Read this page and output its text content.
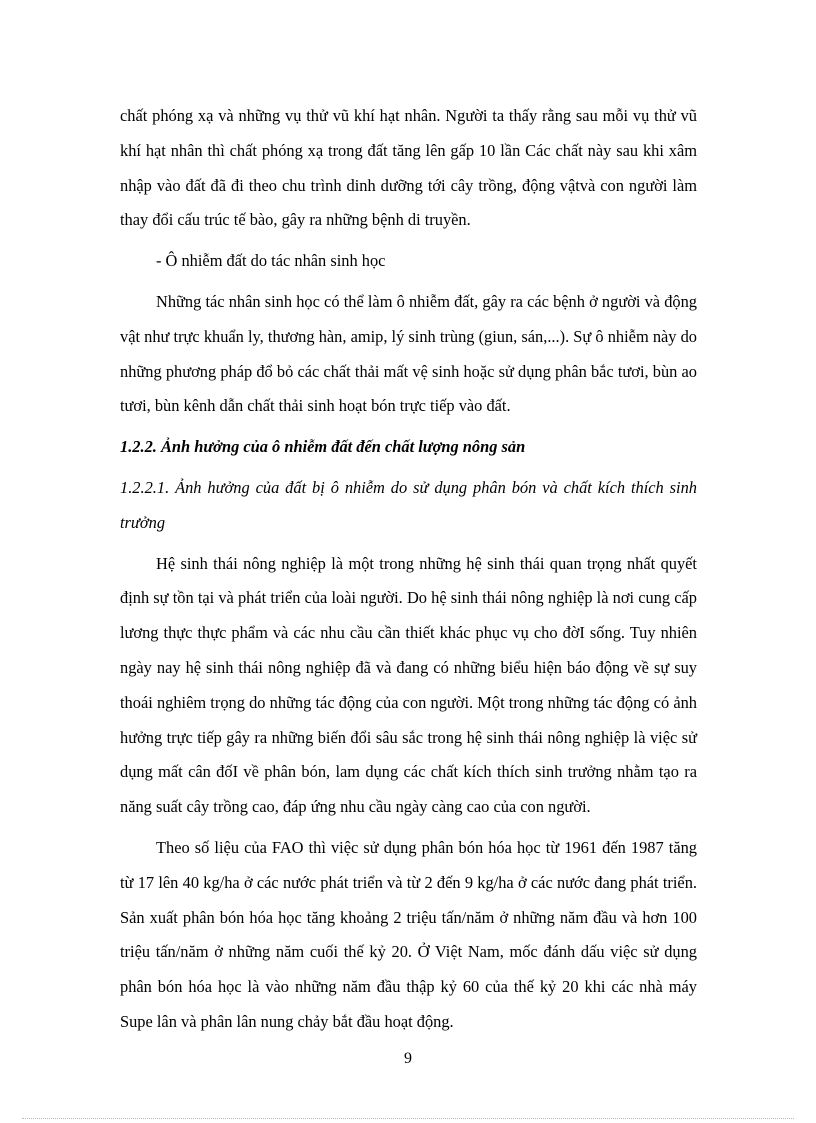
chất phóng xạ và những vụ thử vũ khí hạt nhân. Người ta thấy rằng sau mỗi vụ thử vũ khí hạt nhân thì chất phóng xạ trong đất tăng lên gấp 10 lần Các chất này sau khi xâm nhập vào đất đã đi theo chu trình dinh dưỡng tới cây trồng, động vậtvà con người làm thay đổi cấu trúc tế bào, gây ra những bệnh di truyền.

- Ô nhiễm đất do tác nhân sinh học

Những tác nhân sinh học có thể làm ô nhiễm đất, gây ra các bệnh ở người và động vật như trực khuẩn ly, thương hàn, amip, lý sinh trùng (giun, sán,...). Sự ô nhiễm này do những phương pháp đổ bỏ các chất thải mất vệ sinh hoặc sử dụng phân bắc tươi, bùn ao tươi, bùn kênh dẫn chất thải sinh hoạt bón trực tiếp vào đất.

1.2.2. Ảnh hưởng của ô nhiễm đất đến chất lượng nông sản

1.2.2.1. Ảnh hưởng của đất bị ô nhiễm do sử dụng phân bón và chất kích thích sinh trưởng

Hệ sinh thái nông nghiệp là một trong những hệ sinh thái quan trọng nhất quyết định sự tồn tại và phát triển của loài người. Do hệ sinh thái nông nghiệp là nơi cung cấp lương thực thực phẩm và các nhu cầu cần thiết khác phục vụ cho đờI sống. Tuy nhiên ngày nay hệ sinh thái nông nghiệp đã và đang có những biểu hiện báo động về sự suy thoái nghiêm trọng do những tác động của con người. Một trong những tác động có ảnh hưởng trực tiếp gây ra những biến đổi sâu sắc trong hệ sinh thái nông nghiệp là việc sử dụng mất cân đốI về phân bón, lam dụng các chất kích thích sinh trưởng nhằm tạo ra năng suất cây trồng cao, đáp ứng nhu cầu ngày càng cao của con người.

Theo số liệu của FAO thì việc sử dụng phân bón hóa học từ 1961 đến 1987 tăng từ 17 lên 40 kg/ha ở các nước phát triển và từ 2 đến 9 kg/ha ở các nước đang phát triển. Sản xuất phân bón hóa học tăng khoảng 2 triệu tấn/năm ở những năm đầu và hơn 100 triệu tấn/năm ở những năm cuối thế kỷ 20. Ở Việt Nam, mốc đánh dấu việc sử dụng phân bón hóa học là vào những năm đầu thập kỷ 60 của thế kỷ 20 khi các nhà máy Supe lân và phân lân nung chảy bắt đầu hoạt động.

9
